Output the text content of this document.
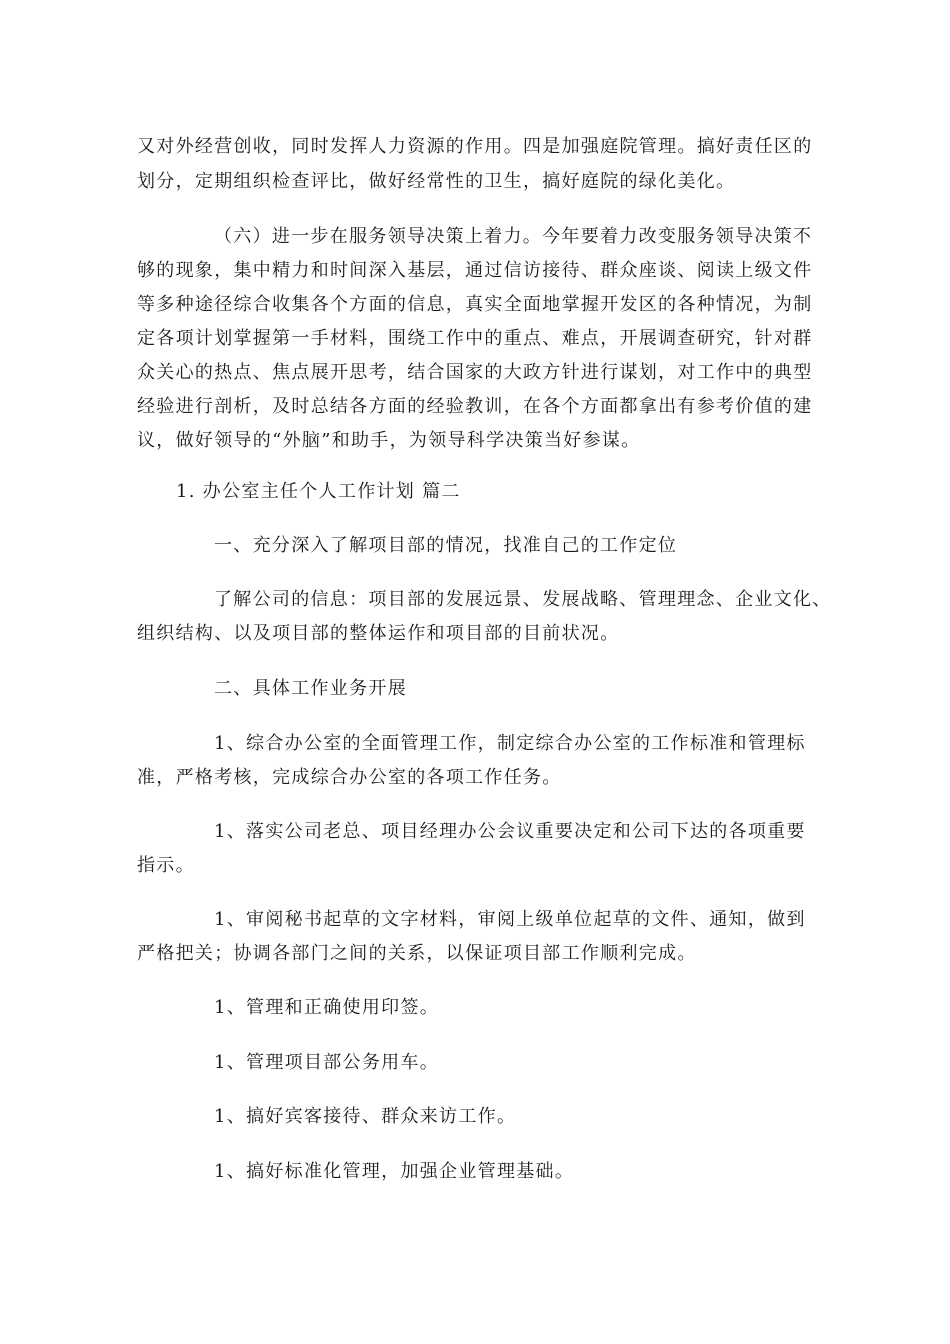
又对外经营创收，同时发挥人力资源的作用。四是加强庭院管理。搞好责任区的
划分，定期组织检查评比，做好经常性的卫生，搞好庭院的绿化美化。
（六）进一步在服务领导决策上着力。今年要着力改变服务领导决策不
够的现象，集中精力和时间深入基层，通过信访接待、群众座谈、阅读上级文件
等多种途径综合收集各个方面的信息，真实全面地掌握开发区的各种情况，为制
定各项计划掌握第一手材料，围绕工作中的重点、难点，开展调查研究，针对群
众关心的热点、焦点展开思考，结合国家的大政方针进行谋划，对工作中的典型
经验进行剖析，及时总结各方面的经验教训，在各个方面都拿出有参考价值的建
议，做好领导的“外脑”和助手，为领导科学决策当好参谋。
1. 办公室主任个人工作计划 篇二
一、充分深入了解项目部的情况，找准自己的工作定位
了解公司的信息：项目部的发展远景、发展战略、管理理念、企业文化、
组织结构、以及项目部的整体运作和项目部的目前状况。
二、具体工作业务开展
1、综合办公室的全面管理工作，制定综合办公室的工作标准和管理标
准，严格考核，完成综合办公室的各项工作任务。
1、落实公司老总、项目经理办公会议重要决定和公司下达的各项重要
指示。
1、审阅秘书起草的文字材料，审阅上级单位起草的文件、通知，做到
严格把关；协调各部门之间的关系，以保证项目部工作顺利完成。
1、管理和正确使用印签。
1、管理项目部公务用车。
1、搞好宾客接待、群众来访工作。
1、搞好标准化管理，加强企业管理基础。
